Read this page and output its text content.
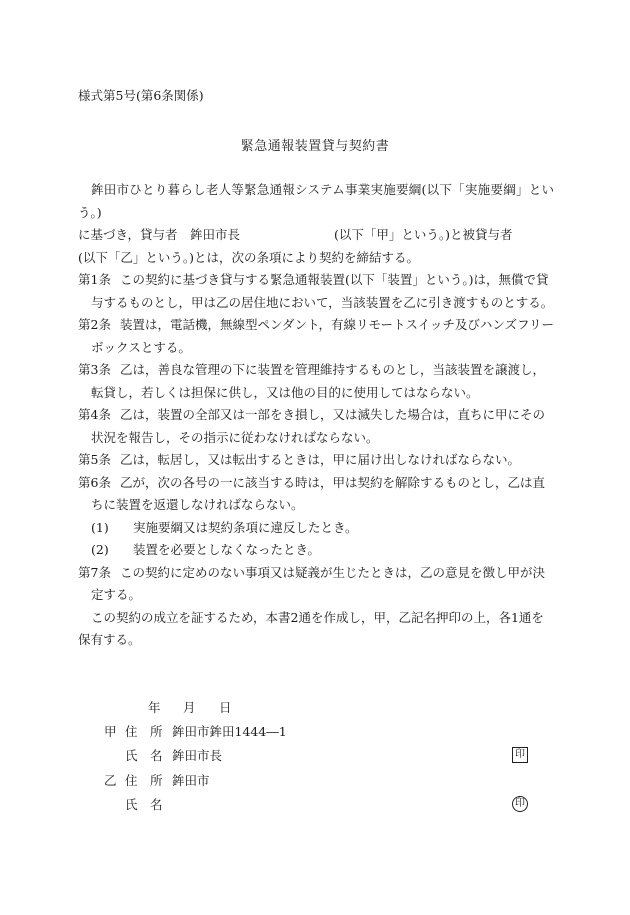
様式第5号(第6条関係)
緊急通報装置貸与契約書

鉾田市ひとり暮らし老人等緊急通報システム事業実施要綱(以下「実施要綱」という。)

に基づき，貸与者　鉾田市長	(以下「甲」という。)と被貸与者

(以下「乙」という。)とは，次の条項により契約を締結する。

第1条 この契約に基づき貸与する緊急通報装置(以下「装置」という。)は，無償で貸与するものとし，甲は乙の居住地において，当該装置を乙に引き渡すものとする。

第2条 装置は，電話機，無線型ペンダント，有線リモートスイッチ及びハンズフリーボックスとする。

第3条 乙は，善良な管理の下に装置を管理維持するものとし，当該装置を譲渡し，転貸し，若しくは担保に供し，又は他の目的に使用してはならない。

第4条 乙は，装置の全部又は一部をき損し，又は滅失した場合は，直ちに甲にその状況を報告し，その指示に従わなければならない。

第5条 乙は，転居し，又は転出するときは，甲に届け出しなければならない。

第6条 乙が，次の各号の一に該当する時は，甲は契約を解除するものとし，乙は直ちに装置を返還しなければならない。

(1) 実施要綱又は契約条項に違反したとき。

(2) 装置を必要としなくなったとき。

第7条 この契約に定めのない事項又は疑義が生じたときは，乙の意見を徴し甲が決定する。

この契約の成立を証するため，本書2通を作成し，甲，乙記名押印の上，各1通を保有する。

年 月 日
甲 住　所 鉾田市鉾田1444―1
氏　名 鉾田市長	印
乙 住　所 鉾田市
氏　名	印
